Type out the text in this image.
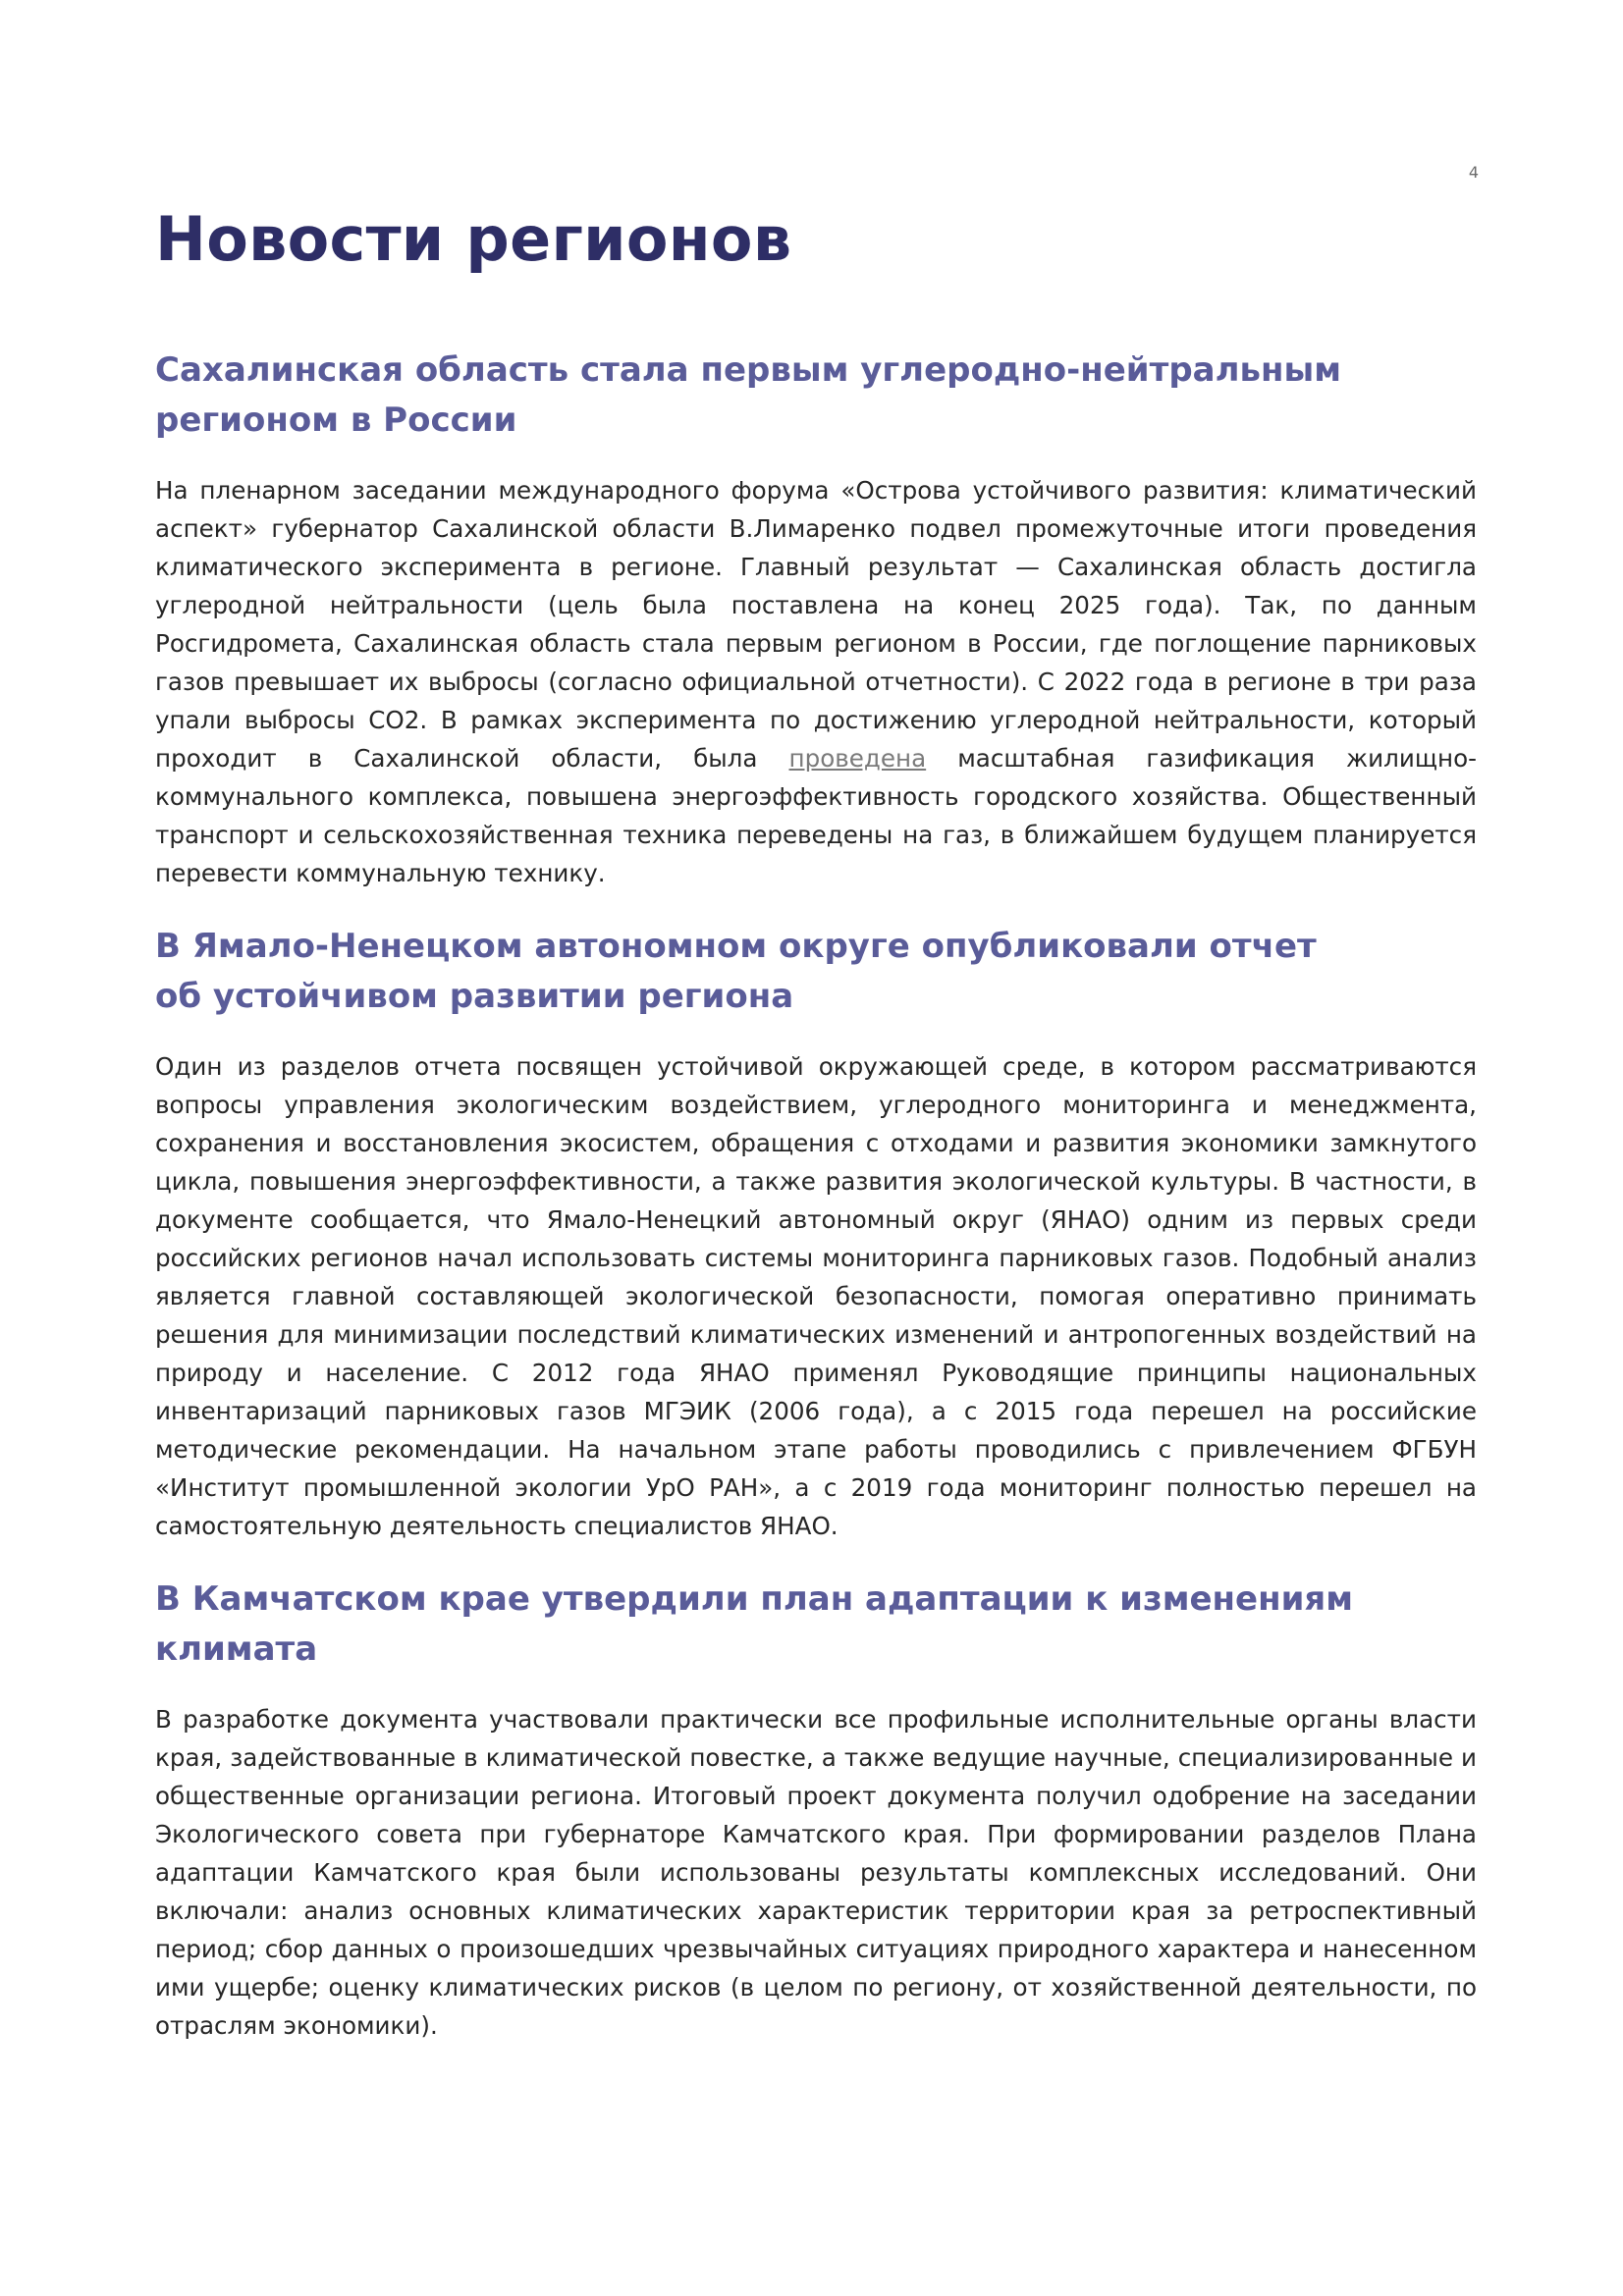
4
Новости регионов
Сахалинская область стала первым углеродно-нейтральным регионом в России

На пленарном заседании международного форума «Острова устойчивого развития: климатический аспект» губернатор Сахалинской области В.Лимаренко подвел промежуточные итоги проведения климатического эксперимента в регионе. Главный результат — Сахалинская область достигла углеродной нейтральности (цель была поставлена на конец 2025 года). Так, по данным Росгидромета, Сахалинская область стала первым регионом в России, где поглощение парниковых газов превышает их выбросы (согласно официальной отчетности). С 2022 года в регионе в три раза упали выбросы СО2. В рамках эксперимента по достижению углеродной нейтральности, который проходит в Сахалинской области, была проведена масштабная газификация жилищно-коммунального комплекса, повышена энергоэффективность городского хозяйства. Общественный транспорт и сельскохозяйственная техника переведены на газ, в ближайшем будущем планируется перевести коммунальную технику.

В Ямало-Ненецком автономном округе опубликовали отчет об устойчивом развитии региона

Один из разделов отчета посвящен устойчивой окружающей среде, в котором рассматриваются вопросы управления экологическим воздействием, углеродного мониторинга и менеджмента, сохранения и восстановления экосистем, обращения с отходами и развития экономики замкнутого цикла, повышения энергоэффективности, а также развития экологической культуры. В частности, в документе сообщается, что Ямало-Ненецкий автономный округ (ЯНАО) одним из первых среди российских регионов начал использовать системы мониторинга парниковых газов. Подобный анализ является главной составляющей экологической безопасности, помогая оперативно принимать решения для минимизации последствий климатических изменений и антропогенных воздействий на природу и население. С 2012 года ЯНАО применял Руководящие принципы национальных инвентаризаций парниковых газов МГЭИК (2006 года), а с 2015 года перешел на российские методические рекомендации. На начальном этапе работы проводились с привлечением ФГБУН «Институт промышленной экологии УрО РАН», а с 2019 года мониторинг полностью перешел на самостоятельную деятельность специалистов ЯНАО.

В Камчатском крае утвердили план адаптации к изменениям климата

В разработке документа участвовали практически все профильные исполнительные органы власти края, задействованные в климатической повестке, а также ведущие научные, специализированные и общественные организации региона. Итоговый проект документа получил одобрение на заседании Экологического совета при губернаторе Камчатского края. При формировании разделов Плана адаптации Камчатского края были использованы результаты комплексных исследований. Они включали: анализ основных климатических характеристик территории края за ретроспективный период; сбор данных о произошедших чрезвычайных ситуациях природного характера и нанесенном ими ущербе; оценку климатических рисков (в целом по региону, от хозяйственной деятельности, по отраслям экономики).
